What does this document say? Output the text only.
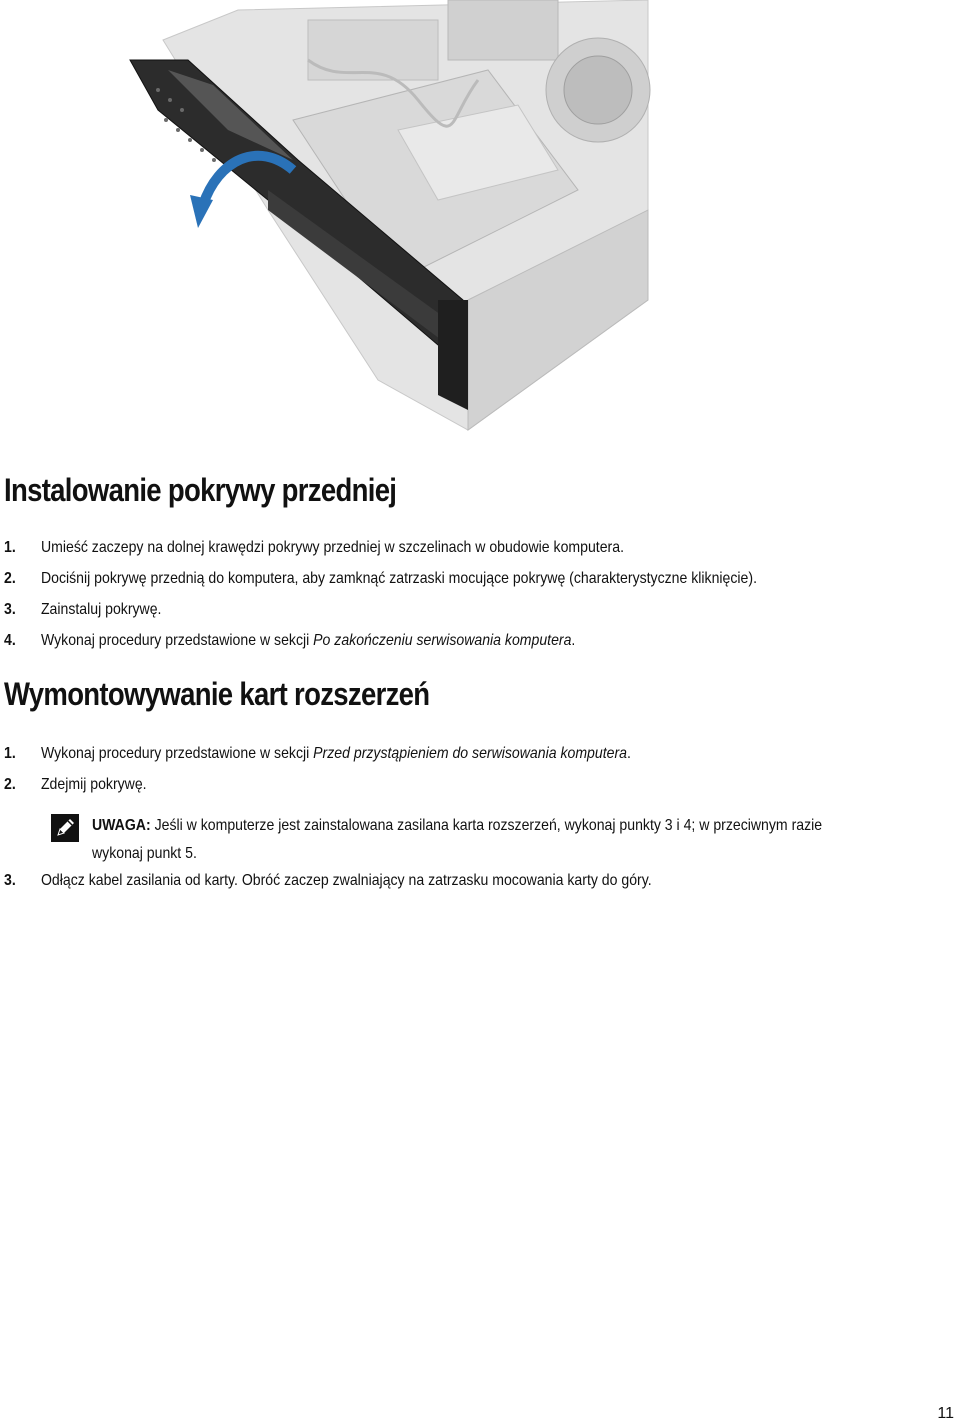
Instalowanie pokrywy przedniej
1. Umieść zaczepy na dolnej krawędzi pokrywy przedniej w szczelinach w obudowie komputera.
2. Dociśnij pokrywę przednią do komputera, aby zamknąć zatrzaski mocujące pokrywę (charakterystyczne kliknięcie).
3. Zainstaluj pokrywę.
4. Wykonaj procedury przedstawione w sekcji Po zakończeniu serwisowania komputera.
Wymontowywanie kart rozszerzeń
1. Wykonaj procedury przedstawione w sekcji Przed przystąpieniem do serwisowania komputera.
2. Zdejmij pokrywę.
UWAGA: Jeśli w komputerze jest zainstalowana zasilana karta rozszerzeń, wykonaj punkty 3 i 4; w przeciwnym razie
wykonaj punkt 5.
3. Odłącz kabel zasilania od karty. Obróć zaczep zwalniający na zatrzasku mocowania karty do góry.
11
